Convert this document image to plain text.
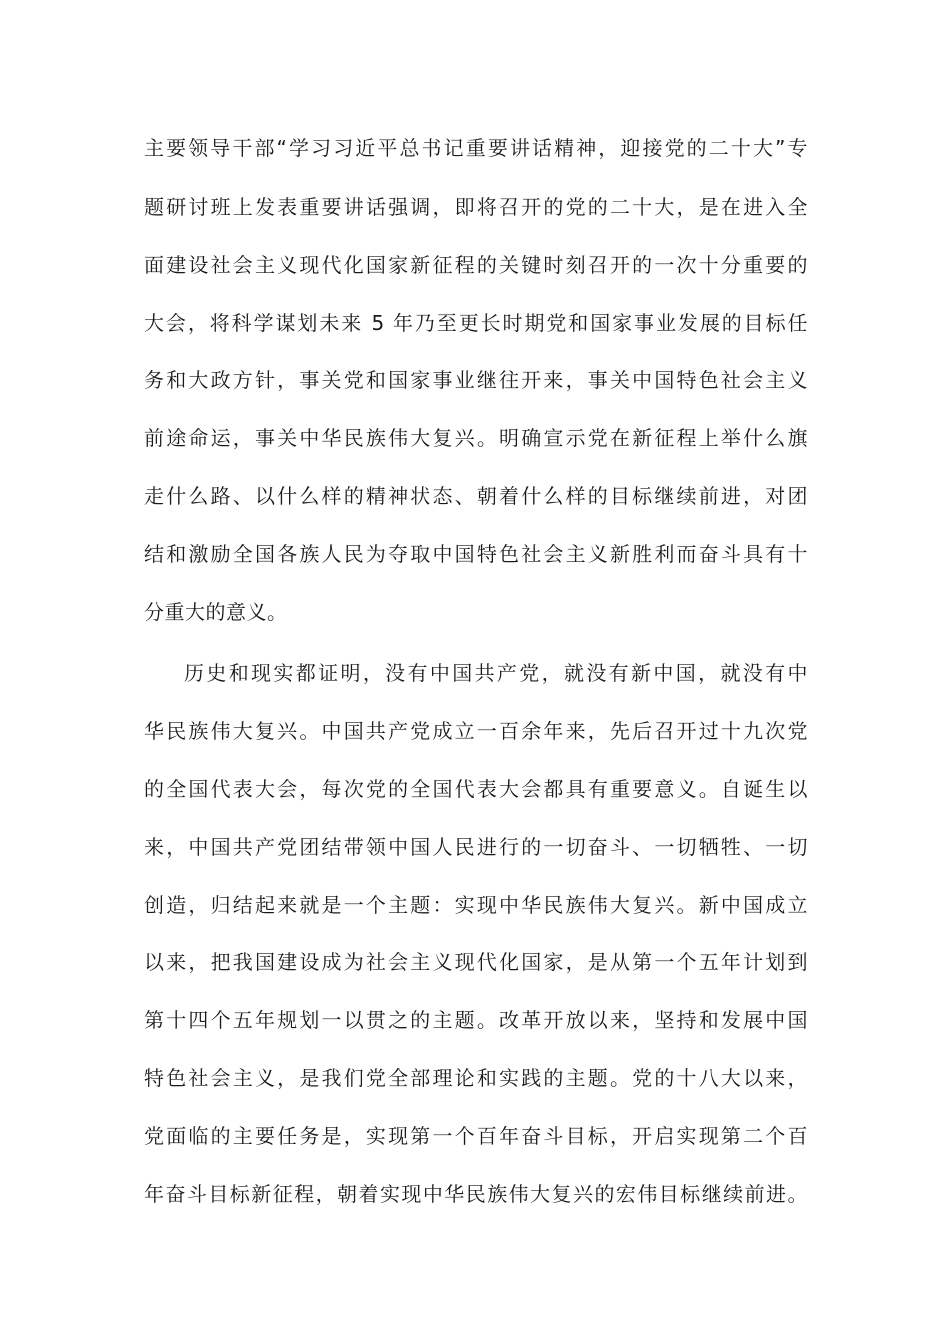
主要领导干部“学习习近平总书记重要讲话精神，迎接党的二十大”专
题研讨班上发表重要讲话强调，即将召开的党的二十大，是在进入全
面建设社会主义现代化国家新征程的关键时刻召开的一次十分重要的
大会，将科学谋划未来 5 年乃至更长时期党和国家事业发展的目标任
务和大政方针，事关党和国家事业继往开来，事关中国特色社会主义
前途命运，事关中华民族伟大复兴。明确宣示党在新征程上举什么旗
走什么路、以什么样的精神状态、朝着什么样的目标继续前进，对团
结和激励全国各族人民为夺取中国特色社会主义新胜利而奋斗具有十
分重大的意义。
历史和现实都证明，没有中国共产党，就没有新中国，就没有中
华民族伟大复兴。中国共产党成立一百余年来，先后召开过十九次党
的全国代表大会，每次党的全国代表大会都具有重要意义。自诞生以
来，中国共产党团结带领中国人民进行的一切奋斗、一切牺牲、一切
创造，归结起来就是一个主题：实现中华民族伟大复兴。新中国成立
以来，把我国建设成为社会主义现代化国家，是从第一个五年计划到
第十四个五年规划一以贯之的主题。改革开放以来，坚持和发展中国
特色社会主义，是我们党全部理论和实践的主题。党的十八大以来，
党面临的主要任务是，实现第一个百年奋斗目标，开启实现第二个百
年奋斗目标新征程，朝着实现中华民族伟大复兴的宏伟目标继续前进。
